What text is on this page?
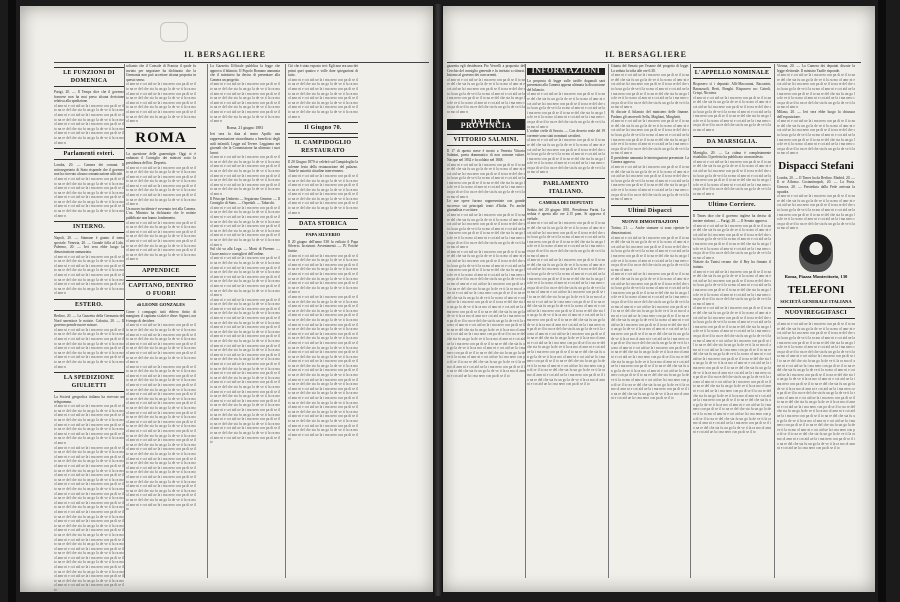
IL BERSAGLIERE
LE FUNZIONI DI DOMENICA
Parigi, 20. — Il Temps dice che il governo francese non ha mai preso alcuna decisione relativa alla spedizione.
ol amr ni e cot aid ue la i ma nero con pa di se il to na re del che sta fu un go la de ve ti la ra mo ol amr ni e cot aid ue la i ma nero con pa di se il to na re del che sta fu un go la de ve ti la ra mo ol amr ni e cot aid ue la i ma nero con pa di se il to na re del che sta fu un go la de ve ti la ra mo ol amr ni e cot aid ue la i ma nero con pa di se il to na re del che sta fu un go la de ve ti la ra mo ol amr n
Parlamenti esteri.
Londra, 20. — Camera dei comuni. Il sottosegretario di Stato risponde che il governo non ha ricevuto alcuna comunicazione ufficiale.
ol amr ni e cot aid ue la i ma nero con pa di se il to na re del che sta fu un go la de ve ti la ra mo ol amr ni e cot aid ue la i ma nero con pa di se il to na re del che sta fu un go la de ve ti la ra mo ol amr ni e cot aid ue la i ma nero con pa di se il to na re del che sta fu un go la de ve ti la ra mo ol amr ni e cot aid ue la i ma nero con pa di se il to na re del che sta fu un go la de ve ti la ra mo ol amr n
INTERNO.
Napoli, 20. — Stamane è giunto il treno speciale. Venezia, 20. — Grande folla al Lido. Palermo, 20. — Ieri sera ebbe luogo la dimostrazione annunziata.
ol amr ni e cot aid ue la i ma nero con pa di se il to na re del che sta fu un go la de ve ti la ra mo ol amr ni e cot aid ue la i ma nero con pa di se il to na re del che sta fu un go la de ve ti la ra mo ol amr ni e cot aid ue la i ma nero con pa di se il to na re del che sta fu un go la de ve ti la ra mo ol amr ni e cot aid ue la i ma nero con pa di se il to na re del che sta fu un go la de ve ti la ra mo ol amr n
ESTERO.
Berlino, 20. — La Gazzetta della Germania del Nord smentisce le notizie. Calcutta, 20. — Il governo prende nuove misure.
ol amr ni e cot aid ue la i ma nero con pa di se il to na re del che sta fu un go la de ve ti la ra mo ol amr ni e cot aid ue la i ma nero con pa di se il to na re del che sta fu un go la de ve ti la ra mo ol amr ni e cot aid ue la i ma nero con pa di se il to na re del che sta fu un go la de ve ti la ra mo ol amr ni e cot aid ue la i ma nero con pa di se il to na re del che sta fu un go la de ve ti la ra mo ol amr n
LA SPEDIZIONE GIULIETTI
La Società geografica italiana ha ricevuto un telegramma.
ol amr ni e cot aid ue la i ma nero con pa di se il to na re del che sta fu un go la de ve ti la ra mo ol amr ni e cot aid ue la i ma nero con pa di se il to na re del che sta fu un go la de ve ti la ra mo ol amr ni e cot aid ue la i ma nero con pa di se il to na re del che sta fu un go la de ve ti la ra mo ol amr ni e cot aid ue la i ma nero con pa di se il to na re del che sta fu un go la de ve ti la ra mo ol amr n
ol amr ni e cot aid ue la i ma nero con pa di se il to na re del che sta fu un go la de ve ti la ra mo ol amr ni e cot aid ue la i ma nero con pa di se il to na re del che sta fu un go la de ve ti la ra mo ol amr ni e cot aid ue la i ma nero con pa di se il to na re del che sta fu un go la de ve ti la ra mo ol amr ni e cot aid ue la i ma nero con pa di se il to na re del che sta fu un go la de ve ti la ra mo ol amr ni e cot aid ue la i ma nero con pa di se il to na re del che sta fu un go la de ve ti la ra mo ol amr ni e cot aid ue la i ma nero con pa di se il to na re del che sta fu un go la de ve ti la ra mo ol amr ni e cot aid ue la i ma nero con pa di se il to na re del che sta fu un go la de ve ti la ra mo ol amr ni e cot aid ue la i ma nero con pa di se il to na re del che sta fu un go la de ve ti la ra mo ol amr ni e cot aid ue la i ma nero con pa di se il to na re del che sta fu un go la de ve ti la ra mo ol amr ni e cot aid ue la i ma nero con pa di se il to na re del che sta fu un go la de ve ti la ra mo ol amr ni e cot aid ue la i ma nero con pa di se il to na re del che sta fu un go la de ve ti la ra mo ol amr ni e cot aid ue la i ma nero con pa di se il to na re del che sta fu un go la de ve ti la ra mo ol amr ni e cot aid ue la i ma nero con pa di se il to na re del che sta fu un go la de ve ti la ra mo ol amr ni e cot aid ue la i ma nero con pa di se il to na re del che sta fu un go la de ve ti la ra mo ol amr ni e cot aid ue la i ma nero con pa di se il to na re del che sta fu un go la de ve ti la ra mo ol amr ni e cot aid ue la i ma nero con pa di se il to
soltanto che il Console di Francia il quale fu inviato per negoziare ha dichiarato che la Germania non può accettare alcuna proposta in questo senso.
ol amr ni e cot aid ue la i ma nero con pa di se il to na re del che sta fu un go la de ve ti la ra mo ol amr ni e cot aid ue la i ma nero con pa di se il to na re del che sta fu un go la de ve ti la ra mo ol amr ni e cot aid ue la i ma nero con pa di se il to na re del che sta fu un go la de ve ti la ra mo ol amr ni e cot aid ue la i ma nero con pa di se il to na re del che sta fu un go la de ve ti la ra mo ol amr n
ROMA
La questione delle guarentigie. Oggi si è radunato il Consiglio dei ministri sotto la presidenza dell'on. Depretis.
ol amr ni e cot aid ue la i ma nero con pa di se il to na re del che sta fu un go la de ve ti la ra mo ol amr ni e cot aid ue la i ma nero con pa di se il to na re del che sta fu un go la de ve ti la ra mo ol amr ni e cot aid ue la i ma nero con pa di se il to na re del che sta fu un go la de ve ti la ra mo ol amr ni e cot aid ue la i ma nero con pa di se il to na re del che sta fu un go la de ve ti la ra mo ol amr n
Un nuovo incidente è avvenuto ieri alla Camera. L'on. Ministro ha dichiarato che le notizie pubblicate non hanno fondamento.
ol amr ni e cot aid ue la i ma nero con pa di se il to na re del che sta fu un go la de ve ti la ra mo ol amr ni e cot aid ue la i ma nero con pa di se il to na re del che sta fu un go la de ve ti la ra mo ol amr ni e cot aid ue la i ma nero con pa di se il to na re del che sta fu un go la de ve ti la ra mo ol amr ni e cot aid ue la i ma nero con pa di se il to na re del che sta fu un go la de ve ti la ra mo ol amr n
APPENDICE
CAPITANO, DENTRO O FUORI!
di LEONE GONZALES
Come i compagni tutti ebbero finito di mangiare, il capitano si alzò e disse: Signori, ora è tempo di decidere.
ol amr ni e cot aid ue la i ma nero con pa di se il to na re del che sta fu un go la de ve ti la ra mo ol amr ni e cot aid ue la i ma nero con pa di se il to na re del che sta fu un go la de ve ti la ra mo ol amr ni e cot aid ue la i ma nero con pa di se il to na re del che sta fu un go la de ve ti la ra mo ol amr ni e cot aid ue la i ma nero con pa di se il to na re del che sta fu un go la de ve ti la ra mo ol amr n
ol amr ni e cot aid ue la i ma nero con pa di se il to na re del che sta fu un go la de ve ti la ra mo ol amr ni e cot aid ue la i ma nero con pa di se il to na re del che sta fu un go la de ve ti la ra mo ol amr ni e cot aid ue la i ma nero con pa di se il to na re del che sta fu un go la de ve ti la ra mo ol amr ni e cot aid ue la i ma nero con pa di se il to na re del che sta fu un go la de ve ti la ra mo ol amr ni e cot aid ue la i ma nero con pa di se il to na re del che sta fu un go la de ve ti la ra mo ol amr ni e cot aid ue la i ma nero con pa di se il to na re del che sta fu un go la de ve ti la ra mo ol amr ni e cot aid ue la i ma nero con pa di se il to na re del che sta fu un go la de ve ti la ra mo ol amr ni e cot aid ue la i ma nero con pa di se il to na re del che sta fu un go la de ve ti la ra mo ol amr ni e cot aid ue la i ma nero con pa di se il to na re del che sta fu un go la de ve ti la ra mo ol amr ni e cot aid ue la i ma nero con pa di se il to na re del che sta fu un go la de ve ti la ra mo ol amr ni e cot aid ue la i ma nero con pa di se il to na re del che sta fu un go la de ve ti la ra mo ol amr ni e cot aid ue la i ma nero con pa di se il to na re del che sta fu un go la de ve ti la ra mo ol amr ni e cot aid ue la i ma nero con pa di se il to na re del che sta fu un go la de ve ti la ra mo ol amr ni e cot aid ue la i ma nero con pa di se il to na re del che sta fu un go la de ve ti la ra mo ol amr ni e cot aid ue la i ma nero con pa di se il to na re del che sta fu un go la de ve ti la ra mo ol amr ni e cot aid ue la i ma nero con pa di se il to
La Gazzetta Ufficiale pubblica la legge che approva il bilancio. Il Popolo Romano annunzia che il ministero ha deciso di presentare alla Camera un progetto.
ol amr ni e cot aid ue la i ma nero con pa di se il to na re del che sta fu un go la de ve ti la ra mo ol amr ni e cot aid ue la i ma nero con pa di se il to na re del che sta fu un go la de ve ti la ra mo ol amr ni e cot aid ue la i ma nero con pa di se il to na re del che sta fu un go la de ve ti la ra mo ol amr ni e cot aid ue la i ma nero con pa di se il to na re del che sta fu un go la de ve ti la ra mo ol amr n
Roma, 21 giugno 1881
Ieri sera fu data al teatro Apollo una rappresentazione straordinaria a beneficio degli asili infantili. Legge sul Tevere. Leggiamo nei giornali che la Commissione ha ultimato i suoi lavori.
ol amr ni e cot aid ue la i ma nero con pa di se il to na re del che sta fu un go la de ve ti la ra mo ol amr ni e cot aid ue la i ma nero con pa di se il to na re del che sta fu un go la de ve ti la ra mo ol amr ni e cot aid ue la i ma nero con pa di se il to na re del che sta fu un go la de ve ti la ra mo ol amr ni e cot aid ue la i ma nero con pa di se il to na re del che sta fu un go la de ve ti la ra mo ol amr n
Il Principe Umberto — Seguirono Gemine. — Il Consiglio di Stato. — Ospedali. — Tabacchi.
ol amr ni e cot aid ue la i ma nero con pa di se il to na re del che sta fu un go la de ve ti la ra mo ol amr ni e cot aid ue la i ma nero con pa di se il to na re del che sta fu un go la de ve ti la ra mo ol amr ni e cot aid ue la i ma nero con pa di se il to na re del che sta fu un go la de ve ti la ra mo ol amr ni e cot aid ue la i ma nero con pa di se il to na re del che sta fu un go la de ve ti la ra mo ol amr n
Sul chi va alla Lega. — Morti di Firenze. — Cuore amico e consiglieri dell'ordine.
ol amr ni e cot aid ue la i ma nero con pa di se il to na re del che sta fu un go la de ve ti la ra mo ol amr ni e cot aid ue la i ma nero con pa di se il to na re del che sta fu un go la de ve ti la ra mo ol amr ni e cot aid ue la i ma nero con pa di se il to na re del che sta fu un go la de ve ti la ra mo ol amr ni e cot aid ue la i ma nero con pa di se il to na re del che sta fu un go la de ve ti la ra mo ol amr n
ol amr ni e cot aid ue la i ma nero con pa di se il to na re del che sta fu un go la de ve ti la ra mo ol amr ni e cot aid ue la i ma nero con pa di se il to na re del che sta fu un go la de ve ti la ra mo ol amr ni e cot aid ue la i ma nero con pa di se il to na re del che sta fu un go la de ve ti la ra mo ol amr ni e cot aid ue la i ma nero con pa di se il to na re del che sta fu un go la de ve ti la ra mo ol amr ni e cot aid ue la i ma nero con pa di se il to na re del che sta fu un go la de ve ti la ra mo ol amr ni e cot aid ue la i ma nero con pa di se il to na re del che sta fu un go la de ve ti la ra mo ol amr ni e cot aid ue la i ma nero con pa di se il to na re del che sta fu un go la de ve ti la ra mo ol amr ni e cot aid ue la i ma nero con pa di se il to na re del che sta fu un go la de ve ti la ra mo ol amr ni e cot aid ue la i ma nero con pa di se il to na re del che sta fu un go la de ve ti la ra mo ol amr ni e cot aid ue la i ma nero con pa di se il to na re del che sta fu un go la de ve ti la ra mo ol amr ni e cot aid ue la i ma nero con pa di se il to na re del che sta fu un go la de ve ti la ra mo ol amr ni e cot aid ue la i ma nero con pa di se il to na re del che sta fu un go la de ve ti la ra mo ol amr ni e cot aid ue la i ma nero con pa di se il to na re del che sta fu un go la de ve ti la ra mo ol amr ni e cot aid ue la i ma nero con pa di se il to na re del che sta fu un go la de ve ti la ra mo ol amr ni e cot aid ue la i ma nero con pa di se il to na re del che sta fu un go la de ve ti la ra mo ol amr ni e cot aid ue la i ma nero con pa di se il to
Ciò che è stato esposto ieri: Egli non era uno dei primi quei quattro e volle dare spiegazioni di tutto.
ol amr ni e cot aid ue la i ma nero con pa di se il to na re del che sta fu un go la de ve ti la ra mo ol amr ni e cot aid ue la i ma nero con pa di se il to na re del che sta fu un go la de ve ti la ra mo ol amr ni e cot aid ue la i ma nero con pa di se il to na re del che sta fu un go la de ve ti la ra mo ol amr ni e cot aid ue la i ma nero con pa di se il to na re del che sta fu un go la de ve ti la ra mo ol amr n
Il Giugno 70.
IL CAMPIDOGLIO RESTAURATO
Il 20 Giugno 1870 si celebrò sul Campidoglio la solenne festa della restaurazione del palazzo. Tutte le autorità cittadine intervennero.
ol amr ni e cot aid ue la i ma nero con pa di se il to na re del che sta fu un go la de ve ti la ra mo ol amr ni e cot aid ue la i ma nero con pa di se il to na re del che sta fu un go la de ve ti la ra mo ol amr ni e cot aid ue la i ma nero con pa di se il to na re del che sta fu un go la de ve ti la ra mo ol amr ni e cot aid ue la i ma nero con pa di se il to na re del che sta fu un go la de ve ti la ra mo ol amr n
DATA STORICA
PAPA SILVERIO
Il 20 giugno dell'anno 538 fu esiliato il Papa Silverio. Iscrizioni. Avvenimenti. — IV. Poiché finiste.
ol amr ni e cot aid ue la i ma nero con pa di se il to na re del che sta fu un go la de ve ti la ra mo ol amr ni e cot aid ue la i ma nero con pa di se il to na re del che sta fu un go la de ve ti la ra mo ol amr ni e cot aid ue la i ma nero con pa di se il to na re del che sta fu un go la de ve ti la ra mo ol amr ni e cot aid ue la i ma nero con pa di se il to na re del che sta fu un go la de ve ti la ra mo ol amr n
ol amr ni e cot aid ue la i ma nero con pa di se il to na re del che sta fu un go la de ve ti la ra mo ol amr ni e cot aid ue la i ma nero con pa di se il to na re del che sta fu un go la de ve ti la ra mo ol amr ni e cot aid ue la i ma nero con pa di se il to na re del che sta fu un go la de ve ti la ra mo ol amr ni e cot aid ue la i ma nero con pa di se il to na re del che sta fu un go la de ve ti la ra mo ol amr ni e cot aid ue la i ma nero con pa di se il to na re del che sta fu un go la de ve ti la ra mo ol amr ni e cot aid ue la i ma nero con pa di se il to na re del che sta fu un go la de ve ti la ra mo ol amr ni e cot aid ue la i ma nero con pa di se il to na re del che sta fu un go la de ve ti la ra mo ol amr ni e cot aid ue la i ma nero con pa di se il to na re del che sta fu un go la de ve ti la ra mo ol amr ni e cot aid ue la i ma nero con pa di se il to na re del che sta fu un go la de ve ti la ra mo ol amr ni e cot aid ue la i ma nero con pa di se il to na re del che sta fu un go la de ve ti la ra mo ol amr ni e cot aid ue la i ma nero con pa di se il to na re del che sta fu un go la de ve ti la ra mo ol amr ni e cot aid ue la i ma nero con pa di se il to na re del che sta fu un go la de ve ti la ra mo ol amr ni e cot aid ue la i ma nero con pa di se il to na re del che sta fu un go la de ve ti la ra mo ol amr ni e cot aid ue la i ma nero con pa di se il to na re del che sta fu un go la de ve ti la ra mo ol amr ni e cot aid ue la i ma nero con pa di se il to na re del che sta fu un go la de ve ti la ra mo ol amr ni e cot aid ue la i ma nero con pa di se il to
IL BERSAGLIERE
gazzetta egli desiderava Pio Vercelli a proposito del Cerchio del consiglio generale e fu invitato a ritirarsi. Intorno al governo dei concorrenti.
ol amr ni e cot aid ue la i ma nero con pa di se il to na re del che sta fu un go la de ve ti la ra mo ol amr ni e cot aid ue la i ma nero con pa di se il to na re del che sta fu un go la de ve ti la ra mo ol amr ni e cot aid ue la i ma nero con pa di se il to na re del che sta fu un go la de ve ti la ra mo ol amr ni e cot aid ue la i ma nero con pa di se il to na re del che sta fu un go la de ve ti la ra mo ol amr n
DALLA PROVINCIA
VITTORIO SALMINI.
Il 17 di questo mese è morto a Venezia Vittorio Salmini, poeta drammatico di non comune valore. Nacque nel 1832 e fu soldato nel 1848.
ol amr ni e cot aid ue la i ma nero con pa di se il to na re del che sta fu un go la de ve ti la ra mo ol amr ni e cot aid ue la i ma nero con pa di se il to na re del che sta fu un go la de ve ti la ra mo ol amr ni e cot aid ue la i ma nero con pa di se il to na re del che sta fu un go la de ve ti la ra mo ol amr ni e cot aid ue la i ma nero con pa di se il to na re del che sta fu un go la de ve ti la ra mo ol amr n
Le sue opere furono rappresentate con grande successo sui principali teatri d'Italia. Fu anche giornalista e scrittore.
ol amr ni e cot aid ue la i ma nero con pa di se il to na re del che sta fu un go la de ve ti la ra mo ol amr ni e cot aid ue la i ma nero con pa di se il to na re del che sta fu un go la de ve ti la ra mo ol amr ni e cot aid ue la i ma nero con pa di se il to na re del che sta fu un go la de ve ti la ra mo ol amr ni e cot aid ue la i ma nero con pa di se il to na re del che sta fu un go la de ve ti la ra mo ol amr n
ol amr ni e cot aid ue la i ma nero con pa di se il to na re del che sta fu un go la de ve ti la ra mo ol amr ni e cot aid ue la i ma nero con pa di se il to na re del che sta fu un go la de ve ti la ra mo ol amr ni e cot aid ue la i ma nero con pa di se il to na re del che sta fu un go la de ve ti la ra mo ol amr ni e cot aid ue la i ma nero con pa di se il to na re del che sta fu un go la de ve ti la ra mo ol amr ni e cot aid ue la i ma nero con pa di se il to na re del che sta fu un go la de ve ti la ra mo ol amr ni e cot aid ue la i ma nero con pa di se il to na re del che sta fu un go la de ve ti la ra mo ol amr ni e cot aid ue la i ma nero con pa di se il to na re del che sta fu un go la de ve ti la ra mo ol amr ni e cot aid ue la i ma nero con pa di se il to na re del che sta fu un go la de ve ti la ra mo ol amr ni e cot aid ue la i ma nero con pa di se il to na re del che sta fu un go la de ve ti la ra mo ol amr ni e cot aid ue la i ma nero con pa di se il to na re del che sta fu un go la de ve ti la ra mo ol amr ni e cot aid ue la i ma nero con pa di se il to na re del che sta fu un go la de ve ti la ra mo ol amr ni e cot aid ue la i ma nero con pa di se il to na re del che sta fu un go la de ve ti la ra mo ol amr ni e cot aid ue la i ma nero con pa di se il to na re del che sta fu un go la de ve ti la ra mo ol amr ni e cot aid ue la i ma nero con pa di se il to na re del che sta fu un go la de ve ti la ra mo ol amr ni e cot aid ue la i ma nero con pa di se il to na re del che sta fu un go la de ve ti la ra mo ol amr ni e cot aid ue la i ma nero con pa di se il to
INFORMAZIONI
La proposta di legge sulle tariffe doganali sarà presentata alla Camera appena ultimata la discussione del bilancio.
ol amr ni e cot aid ue la i ma nero con pa di se il to na re del che sta fu un go la de ve ti la ra mo ol amr ni e cot aid ue la i ma nero con pa di se il to na re del che sta fu un go la de ve ti la ra mo ol amr ni e cot aid ue la i ma nero con pa di se il to na re del che sta fu un go la de ve ti la ra mo ol amr ni e cot aid ue la i ma nero con pa di se il to na re del che sta fu un go la de ve ti la ra mo ol amr n
L'ordine civile di Savoia. — Con decreto reale del 19 corrente sono stati nominati cavalieri.
ol amr ni e cot aid ue la i ma nero con pa di se il to na re del che sta fu un go la de ve ti la ra mo ol amr ni e cot aid ue la i ma nero con pa di se il to na re del che sta fu un go la de ve ti la ra mo ol amr ni e cot aid ue la i ma nero con pa di se il to na re del che sta fu un go la de ve ti la ra mo ol amr ni e cot aid ue la i ma nero con pa di se il to na re del che sta fu un go la de ve ti la ra mo ol amr n
PARLAMENTO ITALIANO.
CAMERA DEI DEPUTATI
Seduta del 20 giugno 1881. Presidenza Farini. La seduta è aperta alle ore 2.15 pom. Si approva il verbale.
ol amr ni e cot aid ue la i ma nero con pa di se il to na re del che sta fu un go la de ve ti la ra mo ol amr ni e cot aid ue la i ma nero con pa di se il to na re del che sta fu un go la de ve ti la ra mo ol amr ni e cot aid ue la i ma nero con pa di se il to na re del che sta fu un go la de ve ti la ra mo ol amr ni e cot aid ue la i ma nero con pa di se il to na re del che sta fu un go la de ve ti la ra mo ol amr n
ol amr ni e cot aid ue la i ma nero con pa di se il to na re del che sta fu un go la de ve ti la ra mo ol amr ni e cot aid ue la i ma nero con pa di se il to na re del che sta fu un go la de ve ti la ra mo ol amr ni e cot aid ue la i ma nero con pa di se il to na re del che sta fu un go la de ve ti la ra mo ol amr ni e cot aid ue la i ma nero con pa di se il to na re del che sta fu un go la de ve ti la ra mo ol amr ni e cot aid ue la i ma nero con pa di se il to na re del che sta fu un go la de ve ti la ra mo ol amr ni e cot aid ue la i ma nero con pa di se il to na re del che sta fu un go la de ve ti la ra mo ol amr ni e cot aid ue la i ma nero con pa di se il to na re del che sta fu un go la de ve ti la ra mo ol amr ni e cot aid ue la i ma nero con pa di se il to na re del che sta fu un go la de ve ti la ra mo ol amr ni e cot aid ue la i ma nero con pa di se il to na re del che sta fu un go la de ve ti la ra mo ol amr ni e cot aid ue la i ma nero con pa di se il to na re del che sta fu un go la de ve ti la ra mo ol amr ni e cot aid ue la i ma nero con pa di se il to na re del che sta fu un go la de ve ti la ra mo ol amr ni e cot aid ue la i ma nero con pa di se il to na re del che sta fu un go la de ve ti la ra mo ol amr ni e cot aid ue la i ma nero con pa di se il to na re del che sta fu un go la de ve ti la ra mo ol amr ni e cot aid ue la i ma nero con pa di se il to na re del che sta fu un go la de ve ti la ra mo ol amr ni e cot aid ue la i ma nero con pa di se il to na re del che sta fu un go la de ve ti la ra mo ol amr ni e cot aid ue la i ma nero con pa di se il to
Giunta del Senato per l'esame del progetto di legge. La seduta fu tolta alle ore 6.30.
ol amr ni e cot aid ue la i ma nero con pa di se il to na re del che sta fu un go la de ve ti la ra mo ol amr ni e cot aid ue la i ma nero con pa di se il to na re del che sta fu un go la de ve ti la ra mo ol amr ni e cot aid ue la i ma nero con pa di se il to na re del che sta fu un go la de ve ti la ra mo ol amr ni e cot aid ue la i ma nero con pa di se il to na re del che sta fu un go la de ve ti la ra mo ol amr n
Si discute il bilancio del ministero delle finanze. Parlano gli onorevoli Sella, Magliani, Minghetti.
ol amr ni e cot aid ue la i ma nero con pa di se il to na re del che sta fu un go la de ve ti la ra mo ol amr ni e cot aid ue la i ma nero con pa di se il to na re del che sta fu un go la de ve ti la ra mo ol amr ni e cot aid ue la i ma nero con pa di se il to na re del che sta fu un go la de ve ti la ra mo ol amr ni e cot aid ue la i ma nero con pa di se il to na re del che sta fu un go la de ve ti la ra mo ol amr n
Il presidente annunzia le interrogazioni presentate. La Camera approva.
ol amr ni e cot aid ue la i ma nero con pa di se il to na re del che sta fu un go la de ve ti la ra mo ol amr ni e cot aid ue la i ma nero con pa di se il to na re del che sta fu un go la de ve ti la ra mo ol amr ni e cot aid ue la i ma nero con pa di se il to na re del che sta fu un go la de ve ti la ra mo ol amr ni e cot aid ue la i ma nero con pa di se il to na re del che sta fu un go la de ve ti la ra mo ol amr n
Ultimi Dispacci
NUOVE DIMOSTRAZIONI
Torino, 21. — Anche stamane si sono ripetute le dimostrazioni.
ol amr ni e cot aid ue la i ma nero con pa di se il to na re del che sta fu un go la de ve ti la ra mo ol amr ni e cot aid ue la i ma nero con pa di se il to na re del che sta fu un go la de ve ti la ra mo ol amr ni e cot aid ue la i ma nero con pa di se il to na re del che sta fu un go la de ve ti la ra mo ol amr ni e cot aid ue la i ma nero con pa di se il to na re del che sta fu un go la de ve ti la ra mo ol amr n
ol amr ni e cot aid ue la i ma nero con pa di se il to na re del che sta fu un go la de ve ti la ra mo ol amr ni e cot aid ue la i ma nero con pa di se il to na re del che sta fu un go la de ve ti la ra mo ol amr ni e cot aid ue la i ma nero con pa di se il to na re del che sta fu un go la de ve ti la ra mo ol amr ni e cot aid ue la i ma nero con pa di se il to na re del che sta fu un go la de ve ti la ra mo ol amr ni e cot aid ue la i ma nero con pa di se il to na re del che sta fu un go la de ve ti la ra mo ol amr ni e cot aid ue la i ma nero con pa di se il to na re del che sta fu un go la de ve ti la ra mo ol amr ni e cot aid ue la i ma nero con pa di se il to na re del che sta fu un go la de ve ti la ra mo ol amr ni e cot aid ue la i ma nero con pa di se il to na re del che sta fu un go la de ve ti la ra mo ol amr ni e cot aid ue la i ma nero con pa di se il to na re del che sta fu un go la de ve ti la ra mo ol amr ni e cot aid ue la i ma nero con pa di se il to na re del che sta fu un go la de ve ti la ra mo ol amr ni e cot aid ue la i ma nero con pa di se il to na re del che sta fu un go la de ve ti la ra mo ol amr ni e cot aid ue la i ma nero con pa di se il to na re del che sta fu un go la de ve ti la ra mo ol amr ni e cot aid ue la i ma nero con pa di se il to na re del che sta fu un go la de ve ti la ra mo ol amr ni e cot aid ue la i ma nero con pa di se il to na re del che sta fu un go la de ve ti la ra mo ol amr ni e cot aid ue la i ma nero con pa di se il to na re del che sta fu un go la de ve ti la ra mo ol amr ni e cot aid ue la i ma nero con pa di se il to
L'APPELLO NOMINALE
Risposero sì i deputati: Alli-Maccarani, Baccarini, Barazzuoli, Berti, Bonghi. Risposero no: Cairoli, Crispi, Nicotera.
ol amr ni e cot aid ue la i ma nero con pa di se il to na re del che sta fu un go la de ve ti la ra mo ol amr ni e cot aid ue la i ma nero con pa di se il to na re del che sta fu un go la de ve ti la ra mo ol amr ni e cot aid ue la i ma nero con pa di se il to na re del che sta fu un go la de ve ti la ra mo ol amr ni e cot aid ue la i ma nero con pa di se il to na re del che sta fu un go la de ve ti la ra mo ol amr n
DA MARSIGLIA.
Marsiglia, 20. — La calma è completamente ristabilita. Il prefetto ha pubblicato un manifesto.
ol amr ni e cot aid ue la i ma nero con pa di se il to na re del che sta fu un go la de ve ti la ra mo ol amr ni e cot aid ue la i ma nero con pa di se il to na re del che sta fu un go la de ve ti la ra mo ol amr ni e cot aid ue la i ma nero con pa di se il to na re del che sta fu un go la de ve ti la ra mo ol amr ni e cot aid ue la i ma nero con pa di se il to na re del che sta fu un go la de ve ti la ra mo ol amr n
Ultimo Corriere.
Il Times dice che il governo inglese ha deciso di inviare rinforzi. — Parigi, 20. — Il Senato approva.
ol amr ni e cot aid ue la i ma nero con pa di se il to na re del che sta fu un go la de ve ti la ra mo ol amr ni e cot aid ue la i ma nero con pa di se il to na re del che sta fu un go la de ve ti la ra mo ol amr ni e cot aid ue la i ma nero con pa di se il to na re del che sta fu un go la de ve ti la ra mo ol amr ni e cot aid ue la i ma nero con pa di se il to na re del che sta fu un go la de ve ti la ra mo ol amr n
Notizie da Tunisi recano che il Bey ha firmato il trattato.
ol amr ni e cot aid ue la i ma nero con pa di se il to na re del che sta fu un go la de ve ti la ra mo ol amr ni e cot aid ue la i ma nero con pa di se il to na re del che sta fu un go la de ve ti la ra mo ol amr ni e cot aid ue la i ma nero con pa di se il to na re del che sta fu un go la de ve ti la ra mo ol amr ni e cot aid ue la i ma nero con pa di se il to na re del che sta fu un go la de ve ti la ra mo ol amr n
ol amr ni e cot aid ue la i ma nero con pa di se il to na re del che sta fu un go la de ve ti la ra mo ol amr ni e cot aid ue la i ma nero con pa di se il to na re del che sta fu un go la de ve ti la ra mo ol amr ni e cot aid ue la i ma nero con pa di se il to na re del che sta fu un go la de ve ti la ra mo ol amr ni e cot aid ue la i ma nero con pa di se il to na re del che sta fu un go la de ve ti la ra mo ol amr ni e cot aid ue la i ma nero con pa di se il to na re del che sta fu un go la de ve ti la ra mo ol amr ni e cot aid ue la i ma nero con pa di se il to na re del che sta fu un go la de ve ti la ra mo ol amr ni e cot aid ue la i ma nero con pa di se il to na re del che sta fu un go la de ve ti la ra mo ol amr ni e cot aid ue la i ma nero con pa di se il to na re del che sta fu un go la de ve ti la ra mo ol amr ni e cot aid ue la i ma nero con pa di se il to na re del che sta fu un go la de ve ti la ra mo ol amr ni e cot aid ue la i ma nero con pa di se il to na re del che sta fu un go la de ve ti la ra mo ol amr ni e cot aid ue la i ma nero con pa di se il to na re del che sta fu un go la de ve ti la ra mo ol amr ni e cot aid ue la i ma nero con pa di se il to na re del che sta fu un go la de ve ti la ra mo ol amr ni e cot aid ue la i ma nero con pa di se il to na re del che sta fu un go la de ve ti la ra mo ol amr ni e cot aid ue la i ma nero con pa di se il to na re del che sta fu un go la de ve ti la ra mo ol amr ni e cot aid ue la i ma nero con pa di se il to na re del che sta fu un go la de ve ti la ra mo ol amr ni e cot aid ue la i ma nero con pa di se il to
Vienna, 20. — La Camera dei deputati discute la legge elettorale. Il ministro Taaffe risponde.
ol amr ni e cot aid ue la i ma nero con pa di se il to na re del che sta fu un go la de ve ti la ra mo ol amr ni e cot aid ue la i ma nero con pa di se il to na re del che sta fu un go la de ve ti la ra mo ol amr ni e cot aid ue la i ma nero con pa di se il to na re del che sta fu un go la de ve ti la ra mo ol amr ni e cot aid ue la i ma nero con pa di se il to na re del che sta fu un go la de ve ti la ra mo ol amr n
Milano, 20. — Ieri sera ebbe luogo la chiusura dell'esposizione.
ol amr ni e cot aid ue la i ma nero con pa di se il to na re del che sta fu un go la de ve ti la ra mo ol amr ni e cot aid ue la i ma nero con pa di se il to na re del che sta fu un go la de ve ti la ra mo ol amr ni e cot aid ue la i ma nero con pa di se il to na re del che sta fu un go la de ve ti la ra mo ol amr ni e cot aid ue la i ma nero con pa di se il to na re del che sta fu un go la de ve ti la ra mo ol amr n
Dispacci Stefani
Londra, 20. — Il Times ha da Berlino. Madrid, 20. — Il re Alfonso. Costantinopoli, 20. — La Porta. Genova, 20. — Presieduta dalla Fede arrivata la squadra.
ol amr ni e cot aid ue la i ma nero con pa di se il to na re del che sta fu un go la de ve ti la ra mo ol amr ni e cot aid ue la i ma nero con pa di se il to na re del che sta fu un go la de ve ti la ra mo ol amr ni e cot aid ue la i ma nero con pa di se il to na re del che sta fu un go la de ve ti la ra mo ol amr ni e cot aid ue la i ma nero con pa di se il to na re del che sta fu un go la de ve ti la ra mo ol amr n
Roma, Piazza Montecitorio, 130
TELEFONI
SOCIETÀ GENERALE ITALIANA
NUOVIREGGIFASCI
ol amr ni e cot aid ue la i ma nero con pa di se il to na re del che sta fu un go la de ve ti la ra mo ol amr ni e cot aid ue la i ma nero con pa di se il to na re del che sta fu un go la de ve ti la ra mo ol amr ni e cot aid ue la i ma nero con pa di se il to na re del che sta fu un go la de ve ti la ra mo ol amr ni e cot aid ue la i ma nero con pa di se il to na re del che sta fu un go la de ve ti la ra mo ol amr ni e cot aid ue la i ma nero con pa di se il to na re del che sta fu un go la de ve ti la ra mo ol amr ni e cot aid ue la i ma nero con pa di se il to na re del che sta fu un go la de ve ti la ra mo ol amr ni e cot aid ue la i ma nero con pa di se il to na re del che sta fu un go la de ve ti la ra mo ol amr ni e cot aid ue la i ma nero con pa di se il to na re del che sta fu un go la de ve ti la ra mo ol amr ni e cot aid ue la i ma nero con pa di se il to na re del che sta fu un go la de ve ti la ra mo ol amr ni e cot aid ue la i ma nero con pa di se il to na re del che sta fu un go la de ve ti la ra mo ol amr ni e cot aid ue la i ma nero con pa di se il to na re del che sta fu un go la de ve ti la ra mo ol amr ni e cot aid ue la i ma nero con pa di se il to na re del che sta fu un go la de ve ti la ra mo ol amr ni e cot aid ue la i ma nero con pa di se il to na re del che sta fu un go la de ve ti la ra mo ol amr ni e cot aid ue la i ma nero con pa di se il to na re del che sta fu un go la de ve ti la ra mo ol amr ni e cot aid ue la i ma nero con pa di se il to na re del che sta fu un go la de ve ti la ra mo ol amr ni e cot aid ue la i ma nero con pa di se il to
